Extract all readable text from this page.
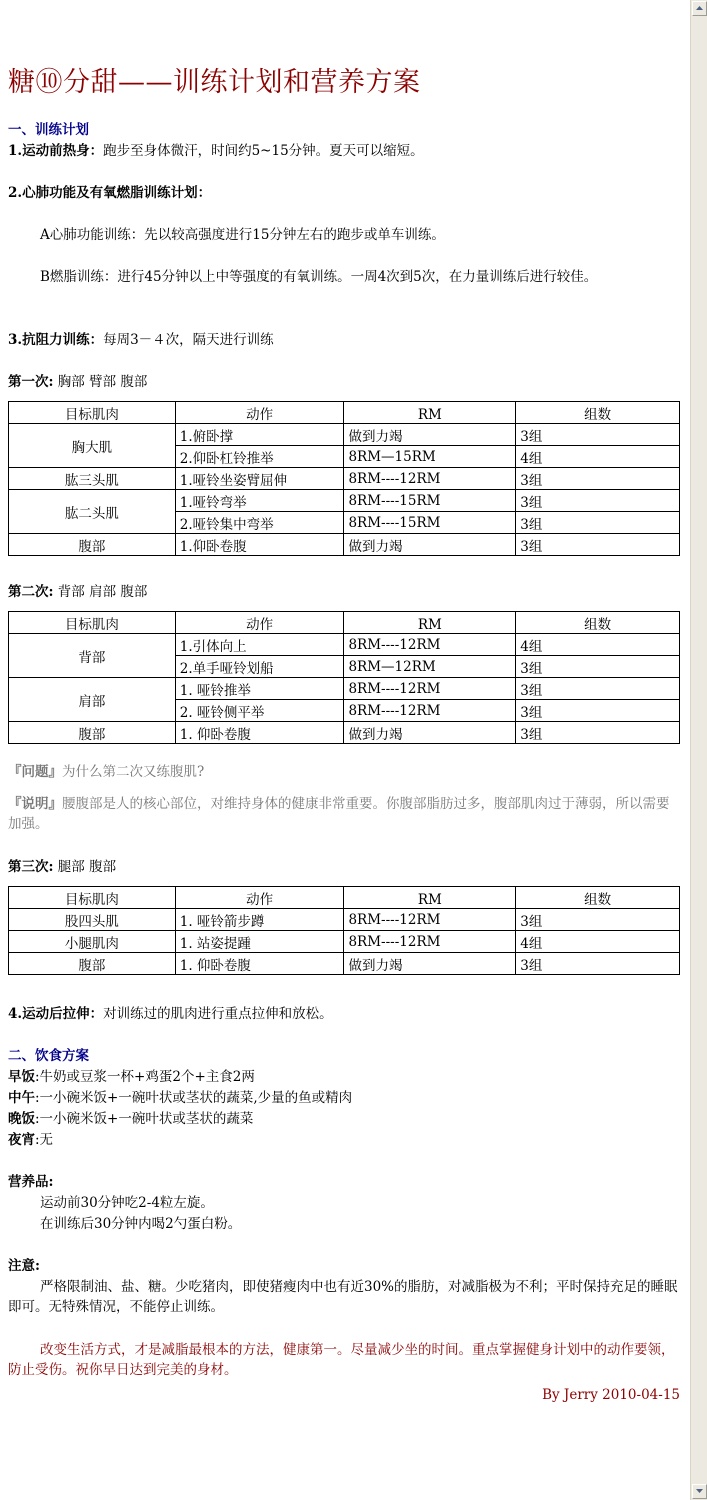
糖⑩分甜——训练计划和营养方案
一、训练计划
1.运动前热身：跑步至身体微汗，时间约5~15分钟。夏天可以缩短。
2.心肺功能及有氧燃脂训练计划：
A心肺功能训练：先以较高强度进行15分钟左右的跑步或单车训练。
B燃脂训练：进行45分钟以上中等强度的有氧训练。一周4次到5次，在力量训练后进行较佳。
3.抗阻力训练：每周3－４次，隔天进行训练
第一次: 胸部 臂部 腹部
目标肌肉	动作	RM	组数
胸大肌	1.俯卧撑	做到力竭	3组
	2.仰卧杠铃推举	8RM—15RM	4组
肱三头肌	1.哑铃坐姿臂屈伸	8RM----12RM	3组
肱二头肌	1.哑铃弯举	8RM----15RM	3组
	2.哑铃集中弯举	8RM----15RM	3组
腹部	1.仰卧卷腹	做到力竭	3组
第二次: 背部 肩部 腹部
目标肌肉	动作	RM	组数
背部	1.引体向上	8RM----12RM	4组
	2.单手哑铃划船	8RM—12RM	3组
肩部	1. 哑铃推举	8RM----12RM	3组
	2. 哑铃侧平举	8RM----12RM	3组
腹部	1. 仰卧卷腹	做到力竭	3组
『问题』为什么第二次又练腹肌?
『说明』腰腹部是人的核心部位，对维持身体的健康非常重要。你腹部脂肪过多，腹部肌肉过于薄弱，所以需要加强。
第三次: 腿部 腹部
目标肌肉	动作	RM	组数
股四头肌	1. 哑铃箭步蹲	8RM----12RM	3组
小腿肌肉	1. 站姿提踵	8RM----12RM	4组
腹部	1. 仰卧卷腹	做到力竭	3组
4.运动后拉伸：对训练过的肌肉进行重点拉伸和放松。
二、饮食方案
早饭:牛奶或豆浆一杯+鸡蛋2个+主食2两
中午:一小碗米饭+一碗叶状或茎状的蔬菜,少量的鱼或精肉
晚饭:一小碗米饭+一碗叶状或茎状的蔬菜
夜宵:无
营养品:
运动前30分钟吃2-4粒左旋。
在训练后30分钟内喝2勺蛋白粉。
注意:
严格限制油、盐、糖。少吃猪肉，即使猪瘦肉中也有近30%的脂肪，对减脂极为不利；平时保持充足的睡眠即可。无特殊情况，不能停止训练。
改变生活方式，才是减脂最根本的方法，健康第一。尽量减少坐的时间。重点掌握健身计划中的动作要领，防止受伤。祝你早日达到完美的身材。
By Jerry 2010-04-15
